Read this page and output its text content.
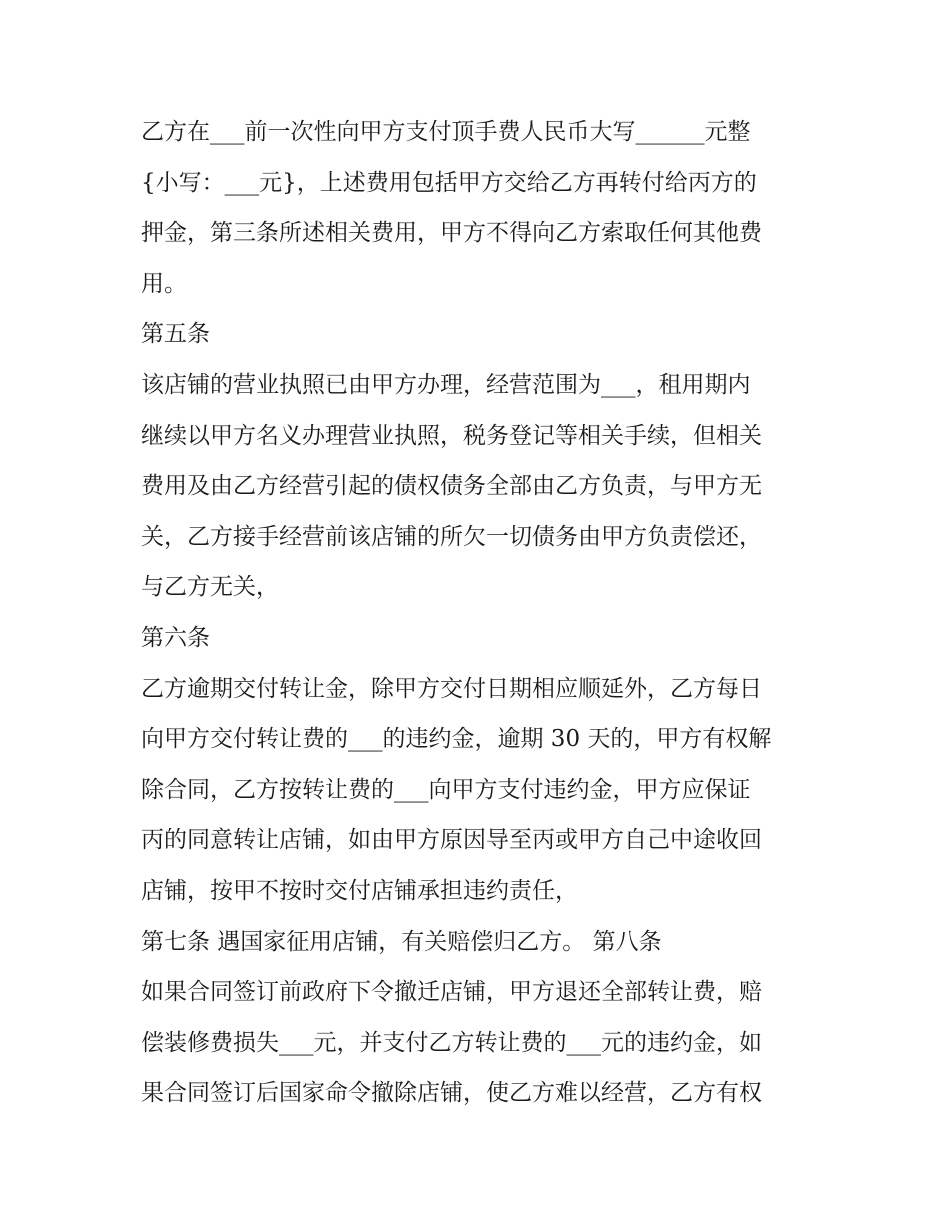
乙方在___前一次性向甲方支付顶手费人民币大写______元整
{小写：___元}，上述费用包括甲方交给乙方再转付给丙方的
押金，第三条所述相关费用，甲方不得向乙方索取任何其他费
用。
第五条
该店铺的营业执照已由甲方办理，经营范围为___，租用期内
继续以甲方名义办理营业执照，税务登记等相关手续，但相关
费用及由乙方经营引起的债权债务全部由乙方负责，与甲方无
关，乙方接手经营前该店铺的所欠一切债务由甲方负责偿还，
与乙方无关，
第六条
乙方逾期交付转让金，除甲方交付日期相应顺延外，乙方每日
向甲方交付转让费的___的违约金，逾期 30 天的，甲方有权解
除合同，乙方按转让费的___向甲方支付违约金，甲方应保证
丙的同意转让店铺，如由甲方原因导至丙或甲方自己中途收回
店铺，按甲不按时交付店铺承担违约责任，
第七条 遇国家征用店铺，有关赔偿归乙方。 第八条
如果合同签订前政府下令撤迁店铺，甲方退还全部转让费，赔
偿装修费损失___元，并支付乙方转让费的___元的违约金，如
果合同签订后国家命令撤除店铺，使乙方难以经营，乙方有权
